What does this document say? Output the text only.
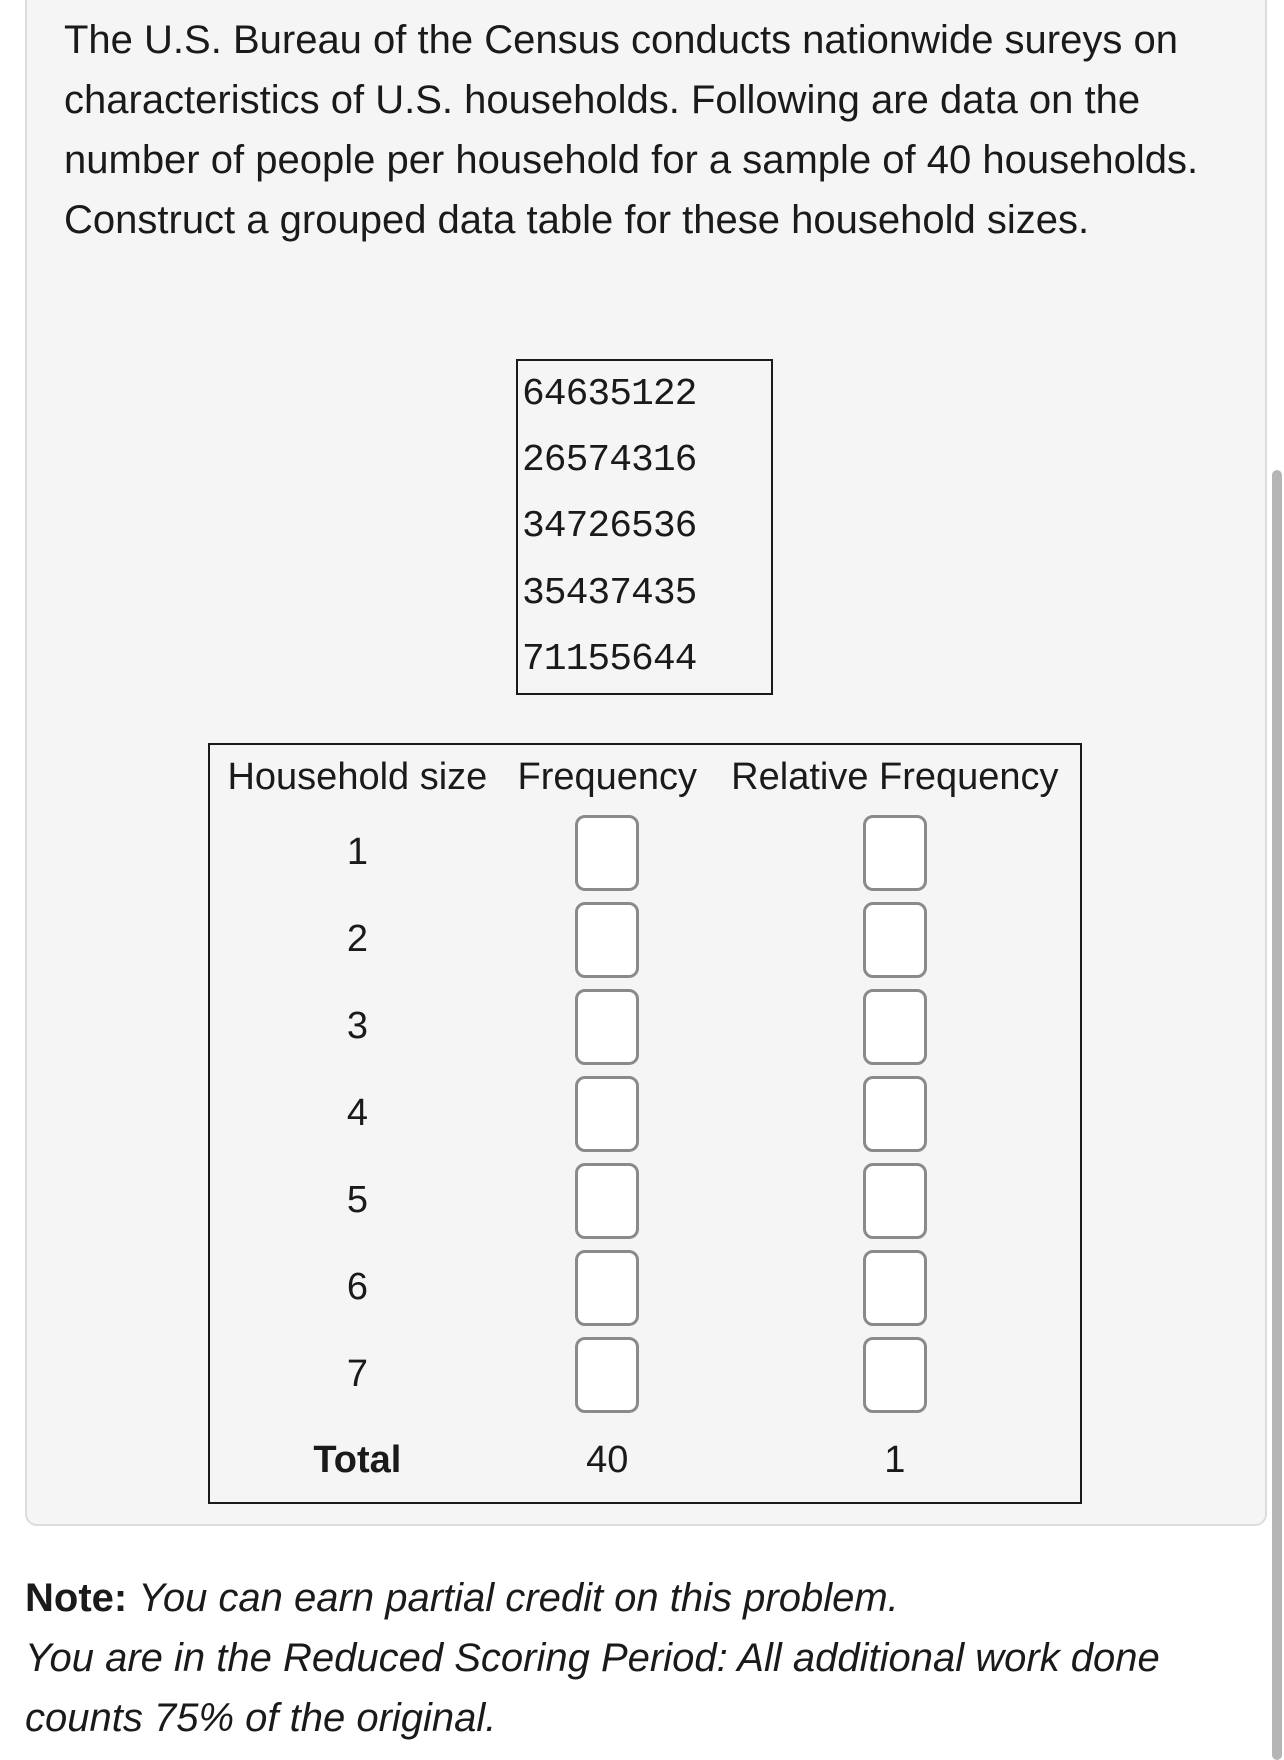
The U.S. Bureau of the Census conducts nationwide sureys on characteristics of U.S. households. Following are data on the number of people per household for a sample of 40 households. Construct a grouped data table for these household sizes.

64635122
26574316
34726536
35437435
71155644
Household size	Frequency	Relative Frequency
1		
2		
3		
4		
5		
6		
7		
Total	40	1

Note: You can earn partial credit on this problem.
You are in the Reduced Scoring Period: All additional work done counts 75% of the original.
